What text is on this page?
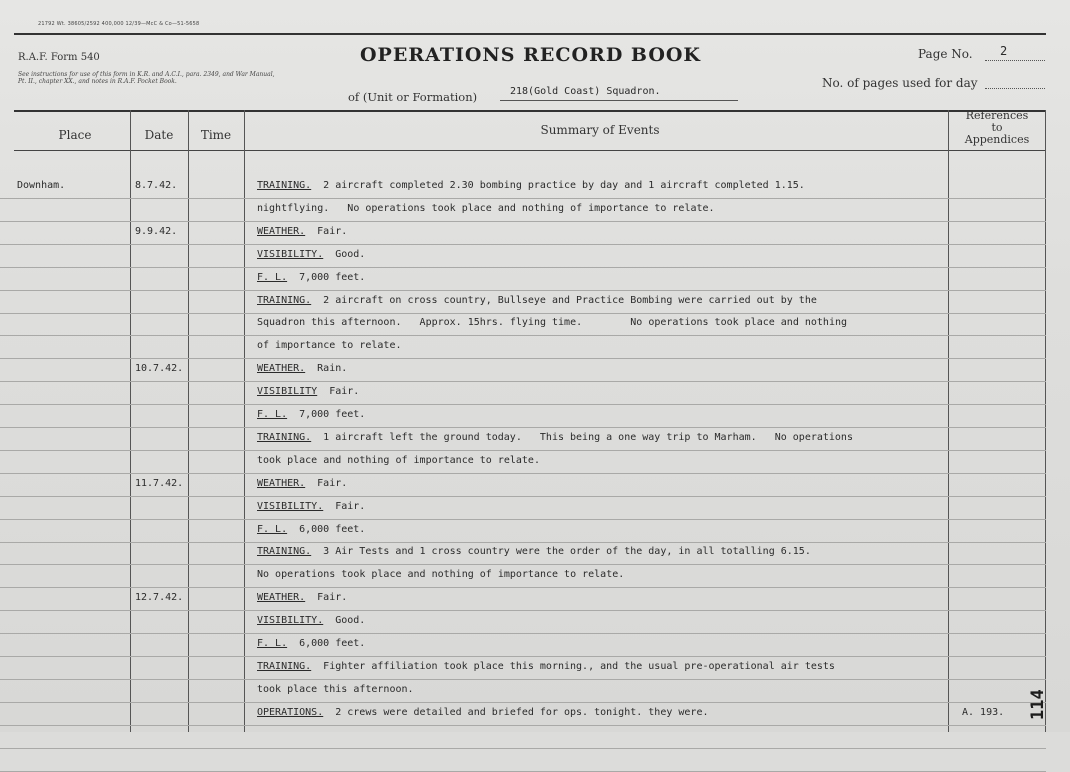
21792 Wt. 38605/2592 400,000 12/39—McC & Co—51-5658
R.A.F. Form 540
See instructions for use of this form in K.R. and A.C.I., para. 2349, and War Manual, Pt. II., chapter XX., and notes in R.A.F. Pocket Book.
OPERATIONS RECORD BOOK	Page No. 2
No. of pages used for day
of (Unit or Formation)	218(Gold Coast) Squadron.
Place	Date	Time	Summary of Events
References
to
Appendices
Downham.	8.7.42.	TRAINING. 2 aircraft completed 2.30 bombing practice by day and 1 aircraft completed 1.15.
nightflying.   No operations took place and nothing of importance to relate.
9.9.42.	WEATHER. Fair.
VISIBILITY. Good.
F. L. 7,000 feet.
TRAINING. 2 aircraft on cross country, Bullseye and Practice Bombing were carried out by the
Squadron this afternoon.   Approx. 15hrs. flying time.        No operations took place and nothing
of importance to relate.
10.7.42.	WEATHER. Rain.
VISIBILITY Fair.
F. L. 7,000 feet.
TRAINING. 1 aircraft left the ground today.   This being a one way trip to Marham.   No operations
took place and nothing of importance to relate.
11.7.42.	WEATHER. Fair.
VISIBILITY. Fair.
F. L. 6,000 feet.
TRAINING. 3 Air Tests and 1 cross country were the order of the day, in all totalling 6.15.
No operations took place and nothing of importance to relate.
12.7.42.	WEATHER. Fair.
VISIBILITY. Good.
F. L. 6,000 feet.
TRAINING. Fighter affiliation took place this morning., and the usual pre-operational air tests
took place this afternoon.
OPERATIONS. 2 crews were detailed and briefed for ops. tonight. they were.	A. 193. 114
